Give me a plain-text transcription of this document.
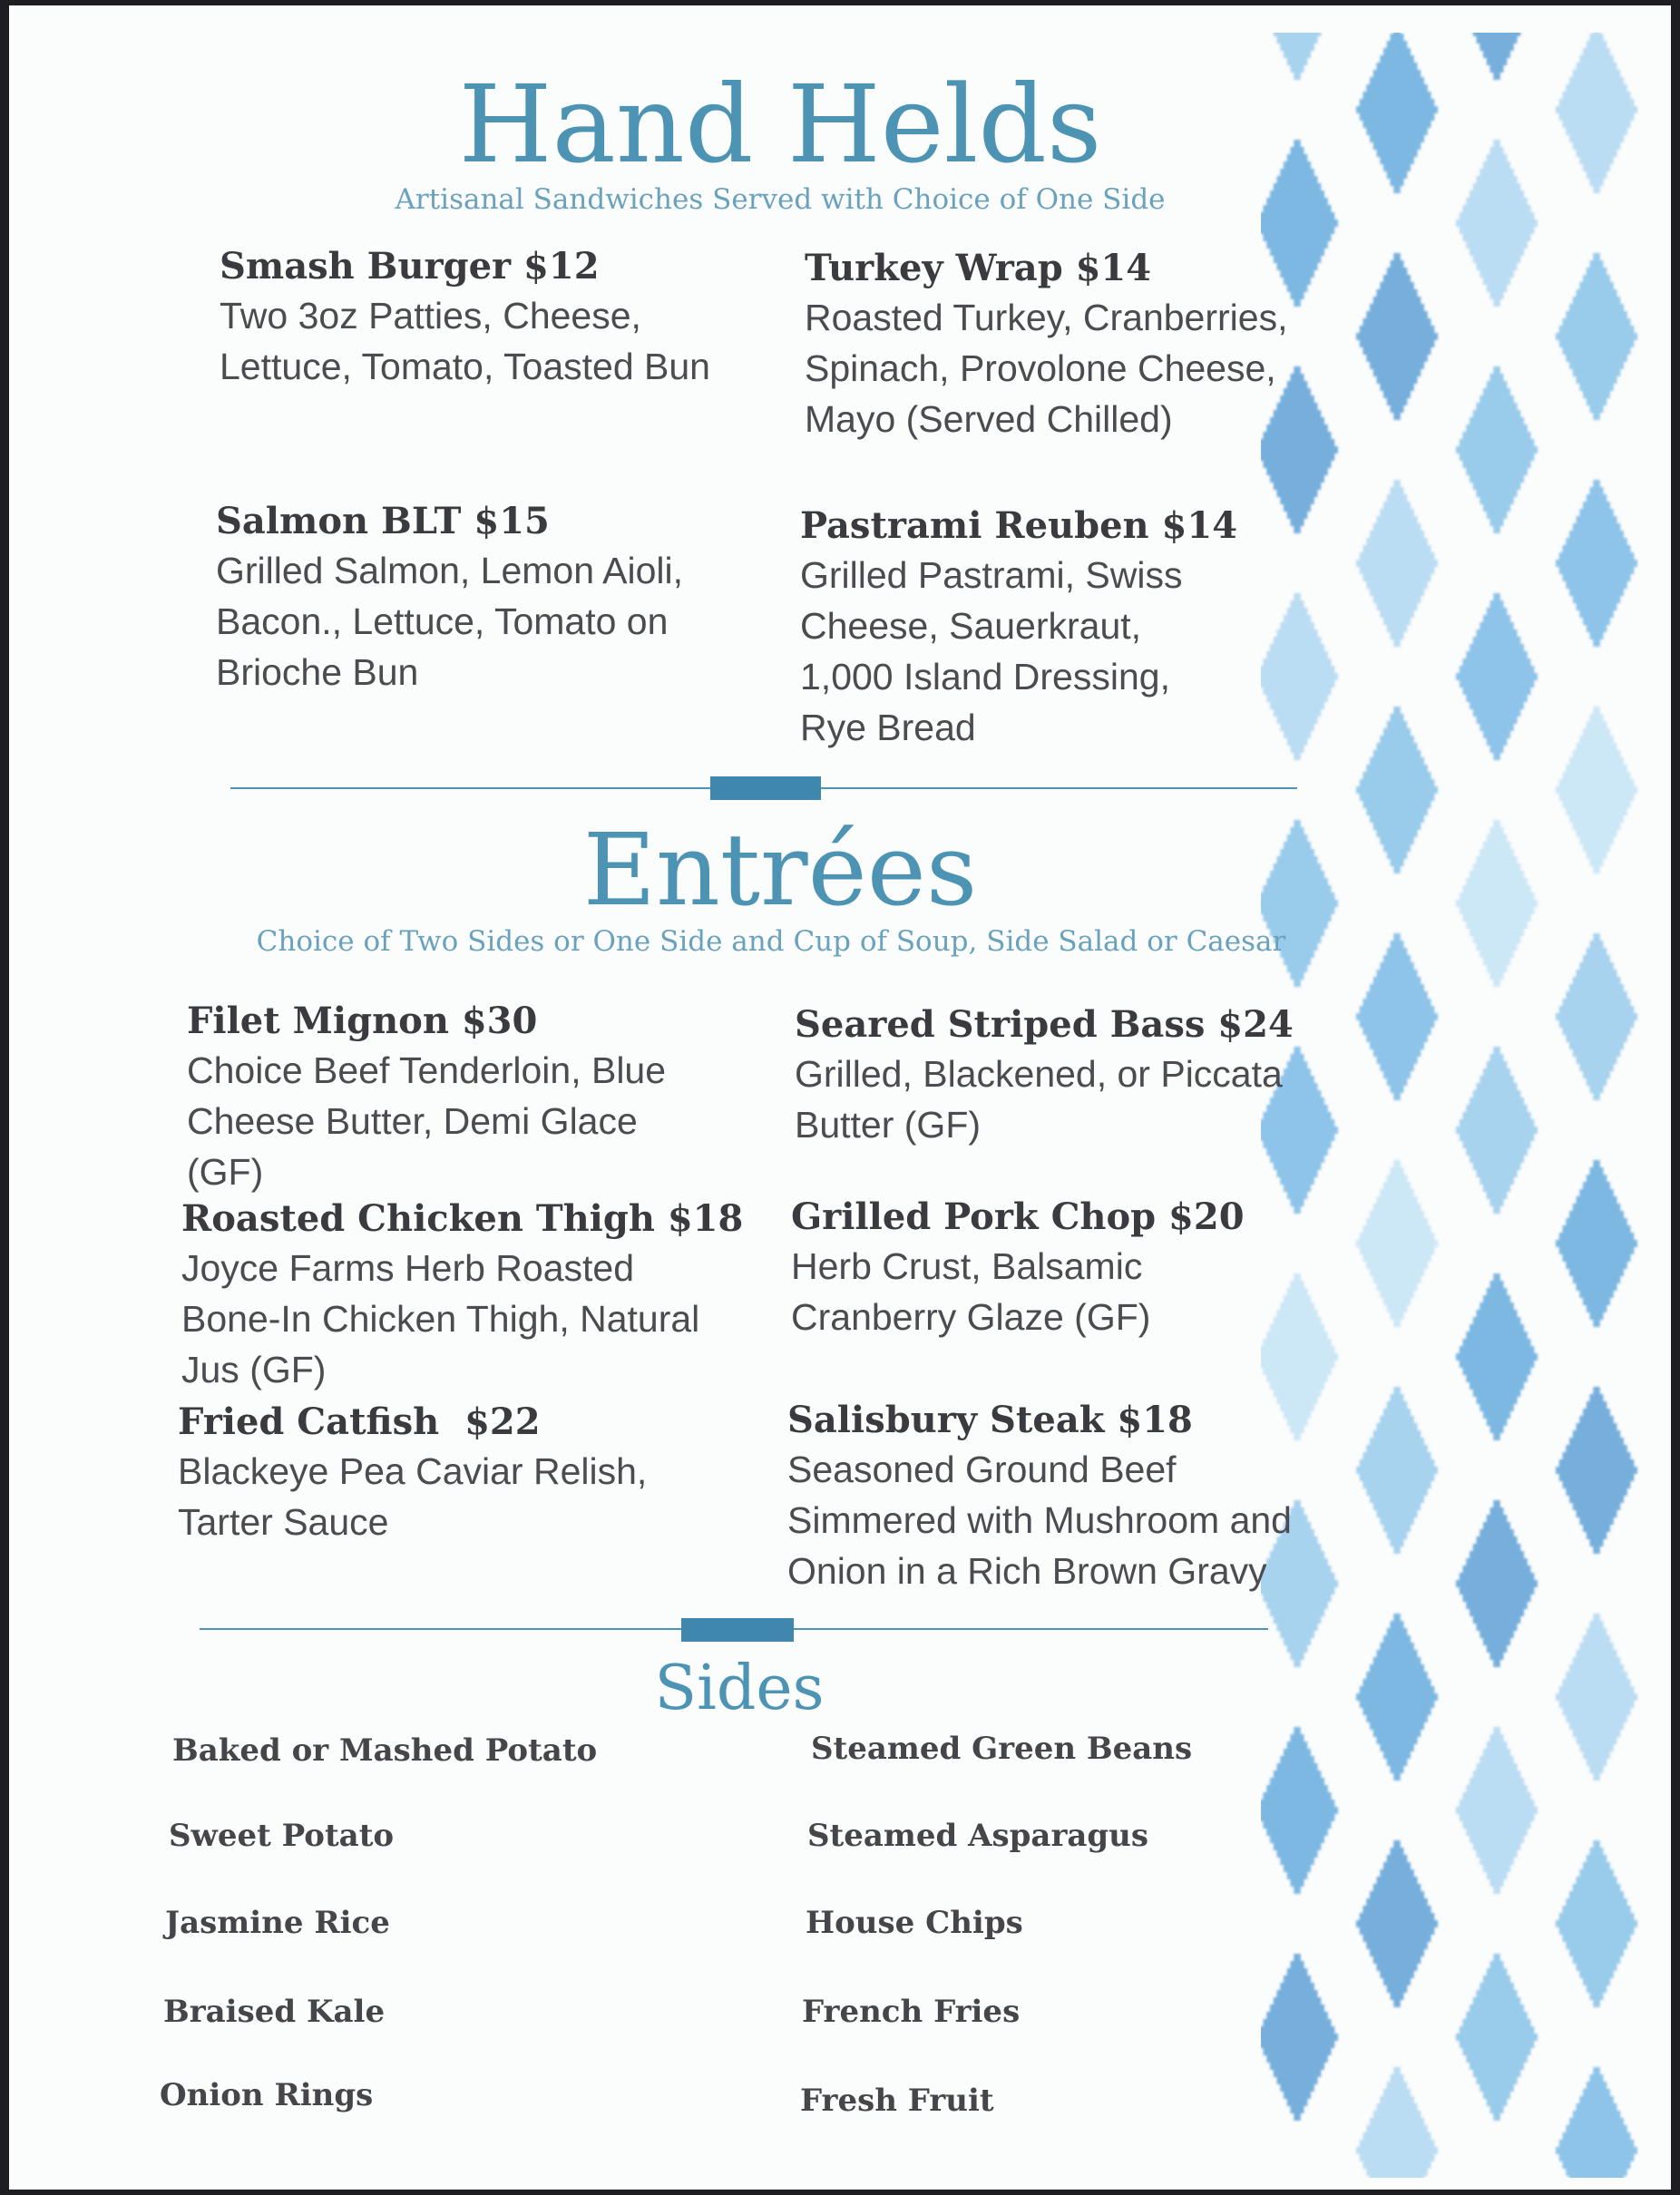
Hand Helds
Artisanal Sandwiches Served with Choice of One Side
Smash Burger $12
Two 3oz Patties, Cheese, Lettuce, Tomato, Toasted Bun
Turkey Wrap $14
Roasted Turkey, Cranberries, Spinach, Provolone Cheese, Mayo (Served Chilled)
Salmon BLT $15
Grilled Salmon, Lemon Aioli, Bacon., Lettuce, Tomato on Brioche Bun
Pastrami Reuben $14
Grilled Pastrami, Swiss Cheese, Sauerkraut, 1,000 Island Dressing, Rye Bread
Entrées
Choice of Two Sides or One Side and Cup of Soup, Side Salad or Caesar
Filet Mignon $30
Choice Beef Tenderloin, Blue Cheese Butter, Demi Glace (GF)
Seared Striped Bass $24
Grilled, Blackened, or Piccata Butter (GF)
Roasted Chicken Thigh $18
Joyce Farms Herb Roasted Bone-In Chicken Thigh, Natural Jus (GF)
Grilled Pork Chop $20
Herb Crust, Balsamic Cranberry Glaze (GF)
Fried Catfish  $22
Blackeye Pea Caviar Relish, Tarter Sauce
Salisbury Steak $18
Seasoned Ground Beef Simmered with Mushroom and Onion in a Rich Brown Gravy
Sides
Baked or Mashed Potato	Steamed Green Beans
Sweet Potato	Steamed Asparagus
Jasmine Rice	House Chips
Braised Kale	French Fries
Onion Rings	Fresh Fruit
